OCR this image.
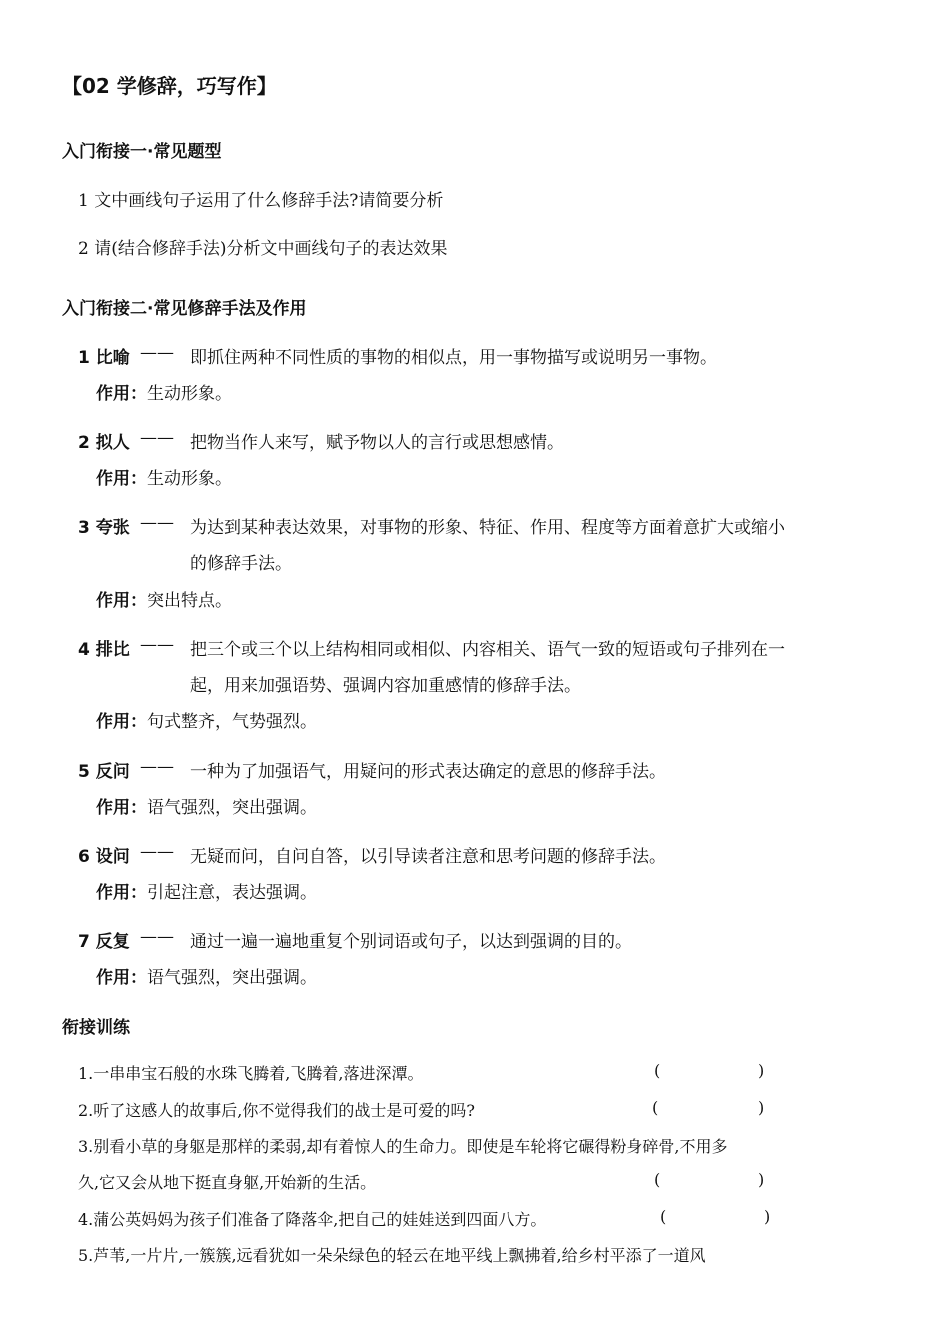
【02 学修辞，巧写作】
入门衔接一·常见题型
1 文中画线句子运用了什么修辞手法?请简要分析
2 请(结合修辞手法)分析文中画线句子的表达效果
入门衔接二·常见修辞手法及作用
1 比喻 —— 即抓住两种不同性质的事物的相似点，用一事物描写或说明另一事物。
作用：生动形象。
2 拟人 —— 把物当作人来写，赋予物以人的言行或思想感情。
作用：生动形象。
3 夸张 —— 为达到某种表达效果，对事物的形象、特征、作用、程度等方面着意扩大或缩小
的修辞手法。
作用：突出特点。
4 排比 —— 把三个或三个以上结构相同或相似、内容相关、语气一致的短语或句子排列在一
起，用来加强语势、强调内容加重感情的修辞手法。
作用：句式整齐，气势强烈。
5 反问 —— 一种为了加强语气，用疑问的形式表达确定的意思的修辞手法。
作用：语气强烈，突出强调。
6 设问 —— 无疑而问，自问自答，以引导读者注意和思考问题的修辞手法。
作用：引起注意，表达强调。
7 反复 —— 通过一遍一遍地重复个别词语或句子，以达到强调的目的。
作用：语气强烈，突出强调。
衔接训练
1.一串串宝石般的水珠飞腾着,飞腾着,落进深潭。	(	)
2.听了这感人的故事后,你不觉得我们的战士是可爱的吗?	(	)
3.别看小草的身躯是那样的柔弱,却有着惊人的生命力。即使是车轮将它碾得粉身碎骨,不用多
久,它又会从地下挺直身躯,开始新的生活。	(	)
4.蒲公英妈妈为孩子们准备了降落伞,把自己的娃娃送到四面八方。	(	)
5.芦苇,一片片,一簇簇,远看犹如一朵朵绿色的轻云在地平线上飘拂着,给乡村平添了一道风
